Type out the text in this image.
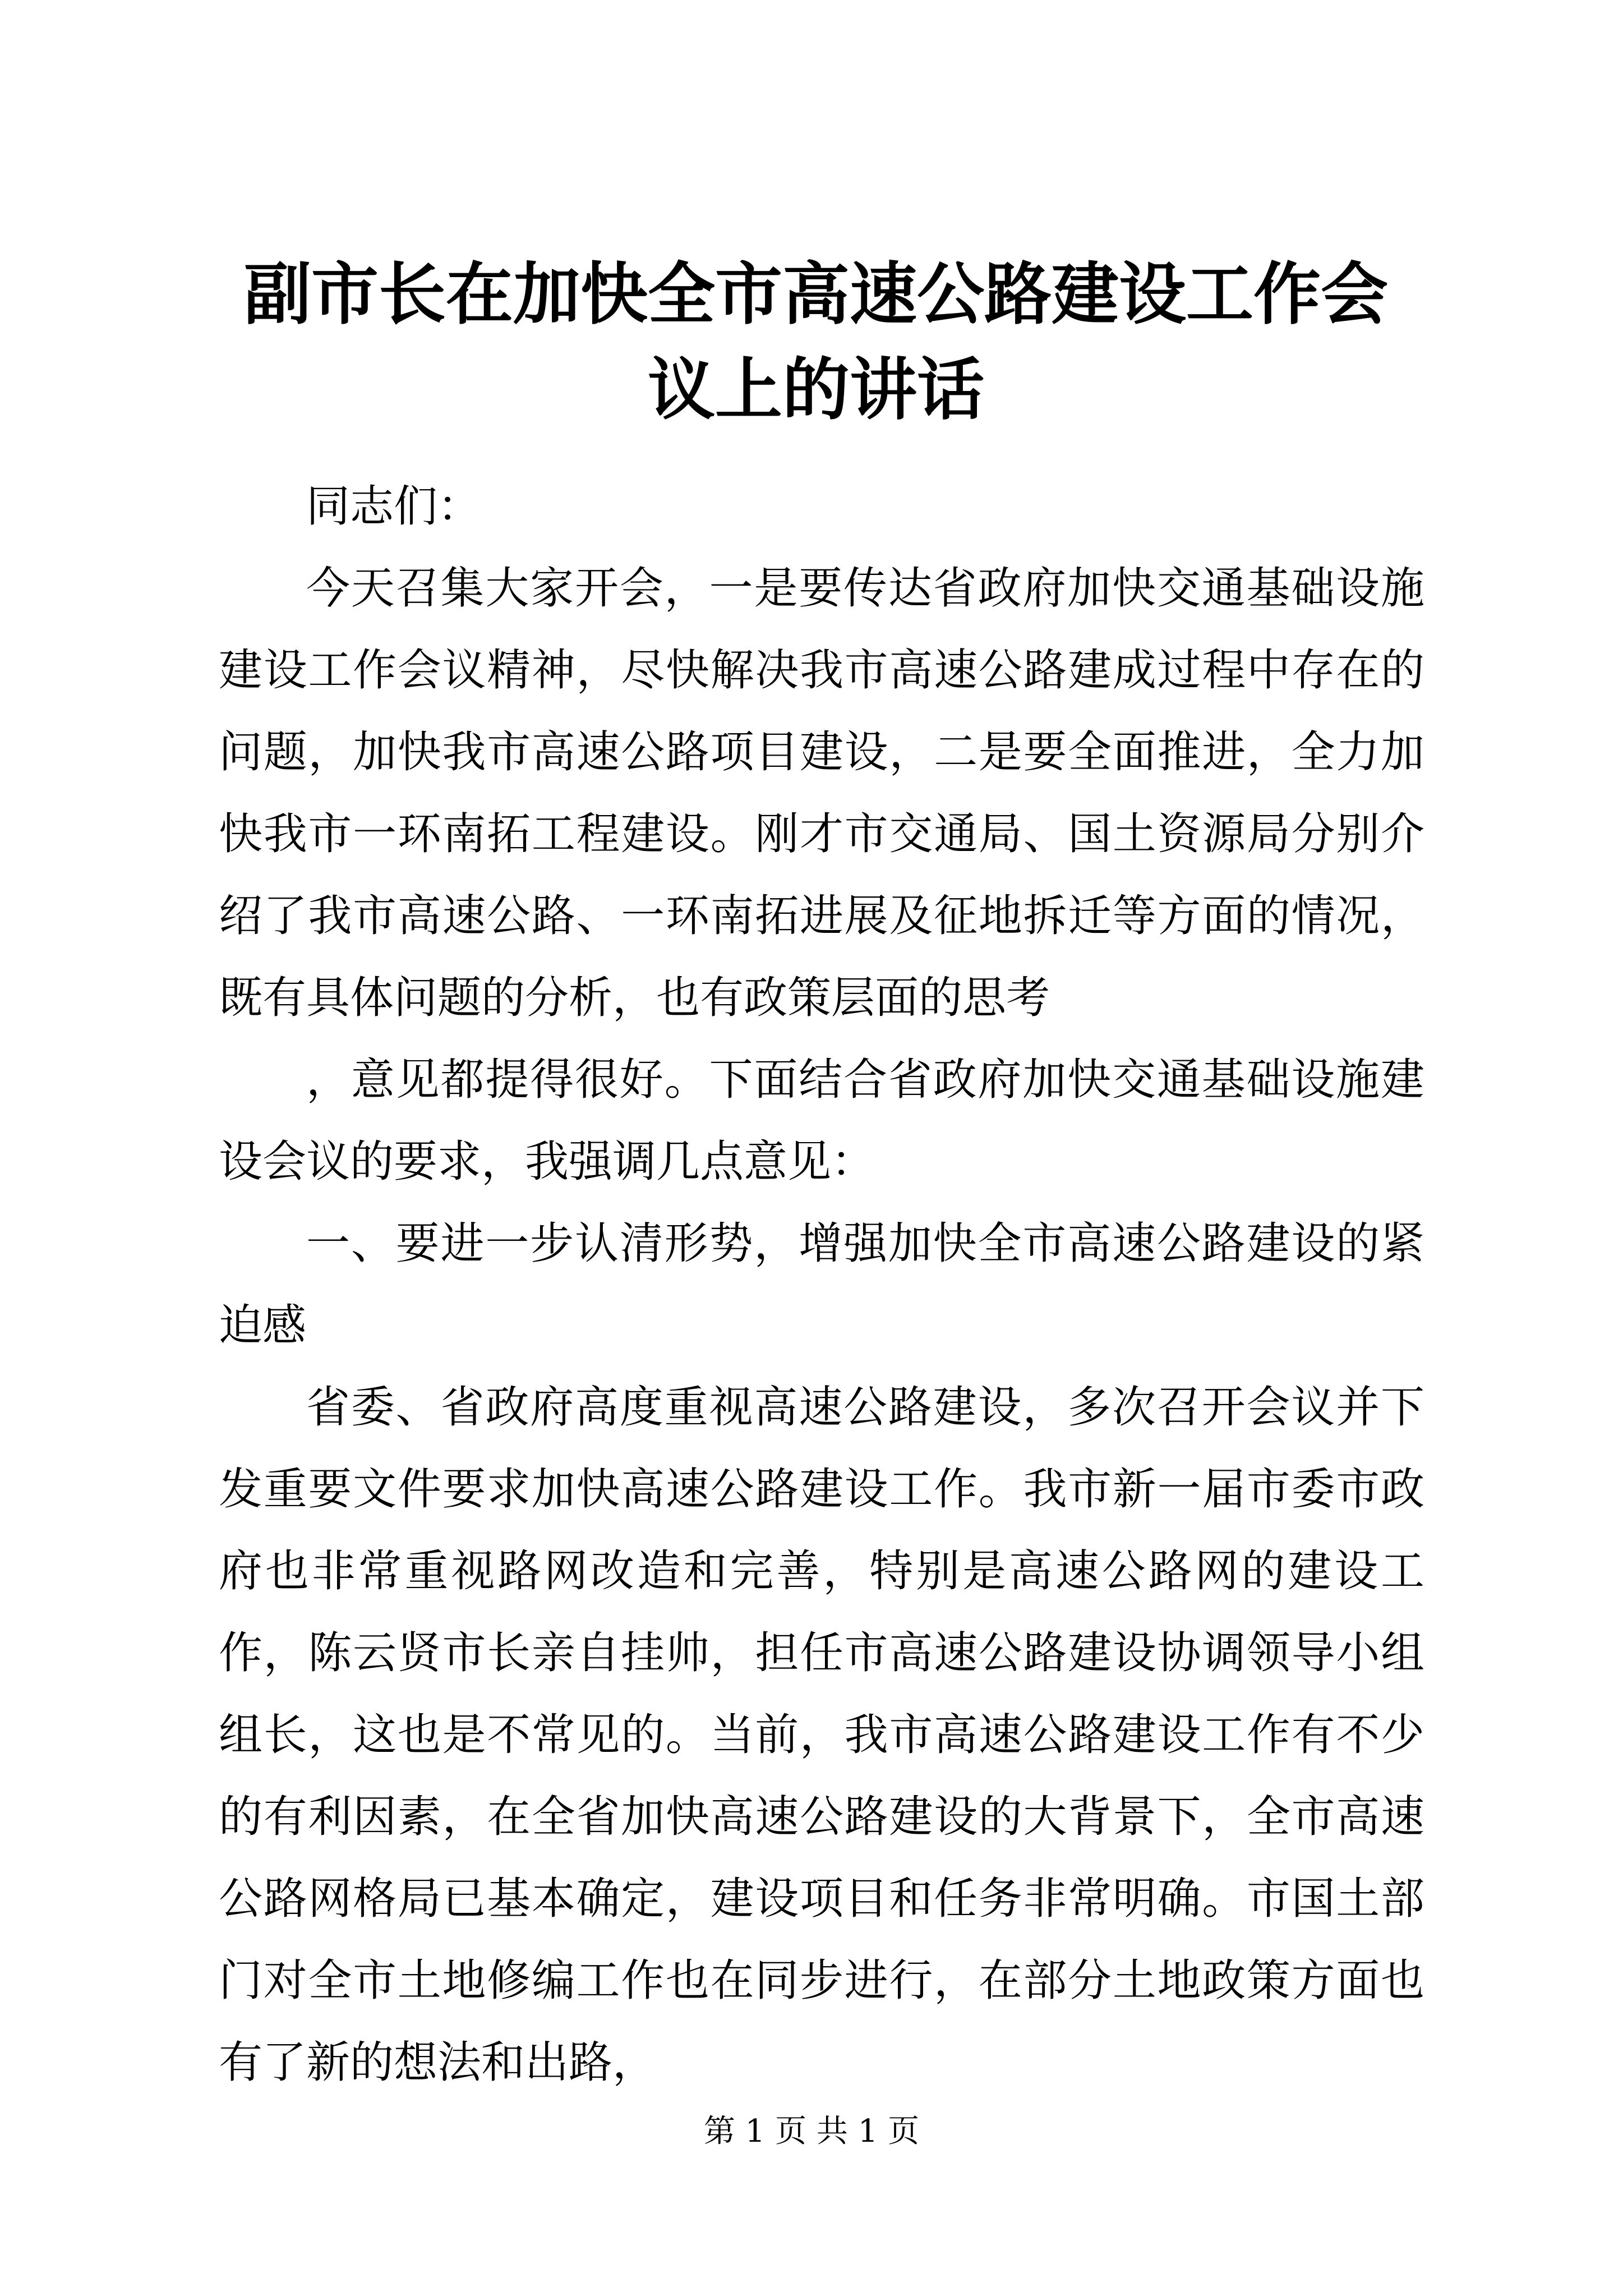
副市长在加快全市高速公路建设工作会议上的讲话

同志们：

今天召集大家开会，一是要传达省政府加快交通基础设施建设工作会议精神，尽快解决我市高速公路建成过程中存在的问题，加快我市高速公路项目建设，二是要全面推进，全力加快我市一环南拓工程建设。刚才市交通局、国土资源局分别介绍了我市高速公路、一环南拓进展及征地拆迁等方面的情况，既有具体问题的分析，也有政策层面的思考

，意见都提得很好。下面结合省政府加快交通基础设施建设会议的要求，我强调几点意见：

一、要进一步认清形势，增强加快全市高速公路建设的紧迫感

省委、省政府高度重视高速公路建设，多次召开会议并下发重要文件要求加快高速公路建设工作。我市新一届市委市政府也非常重视路网改造和完善，特别是高速公路网的建设工作，陈云贤市长亲自挂帅，担任市高速公路建设协调领导小组组长，这也是不常见的。当前，我市高速公路建设工作有不少的有利因素，在全省加快高速公路建设的大背景下，全市高速公路网格局已基本确定，建设项目和任务非常明确。市国土部门对全市土地修编工作也在同步进行，在部分土地政策方面也有了新的想法和出路，

第 1 页 共 1 页
